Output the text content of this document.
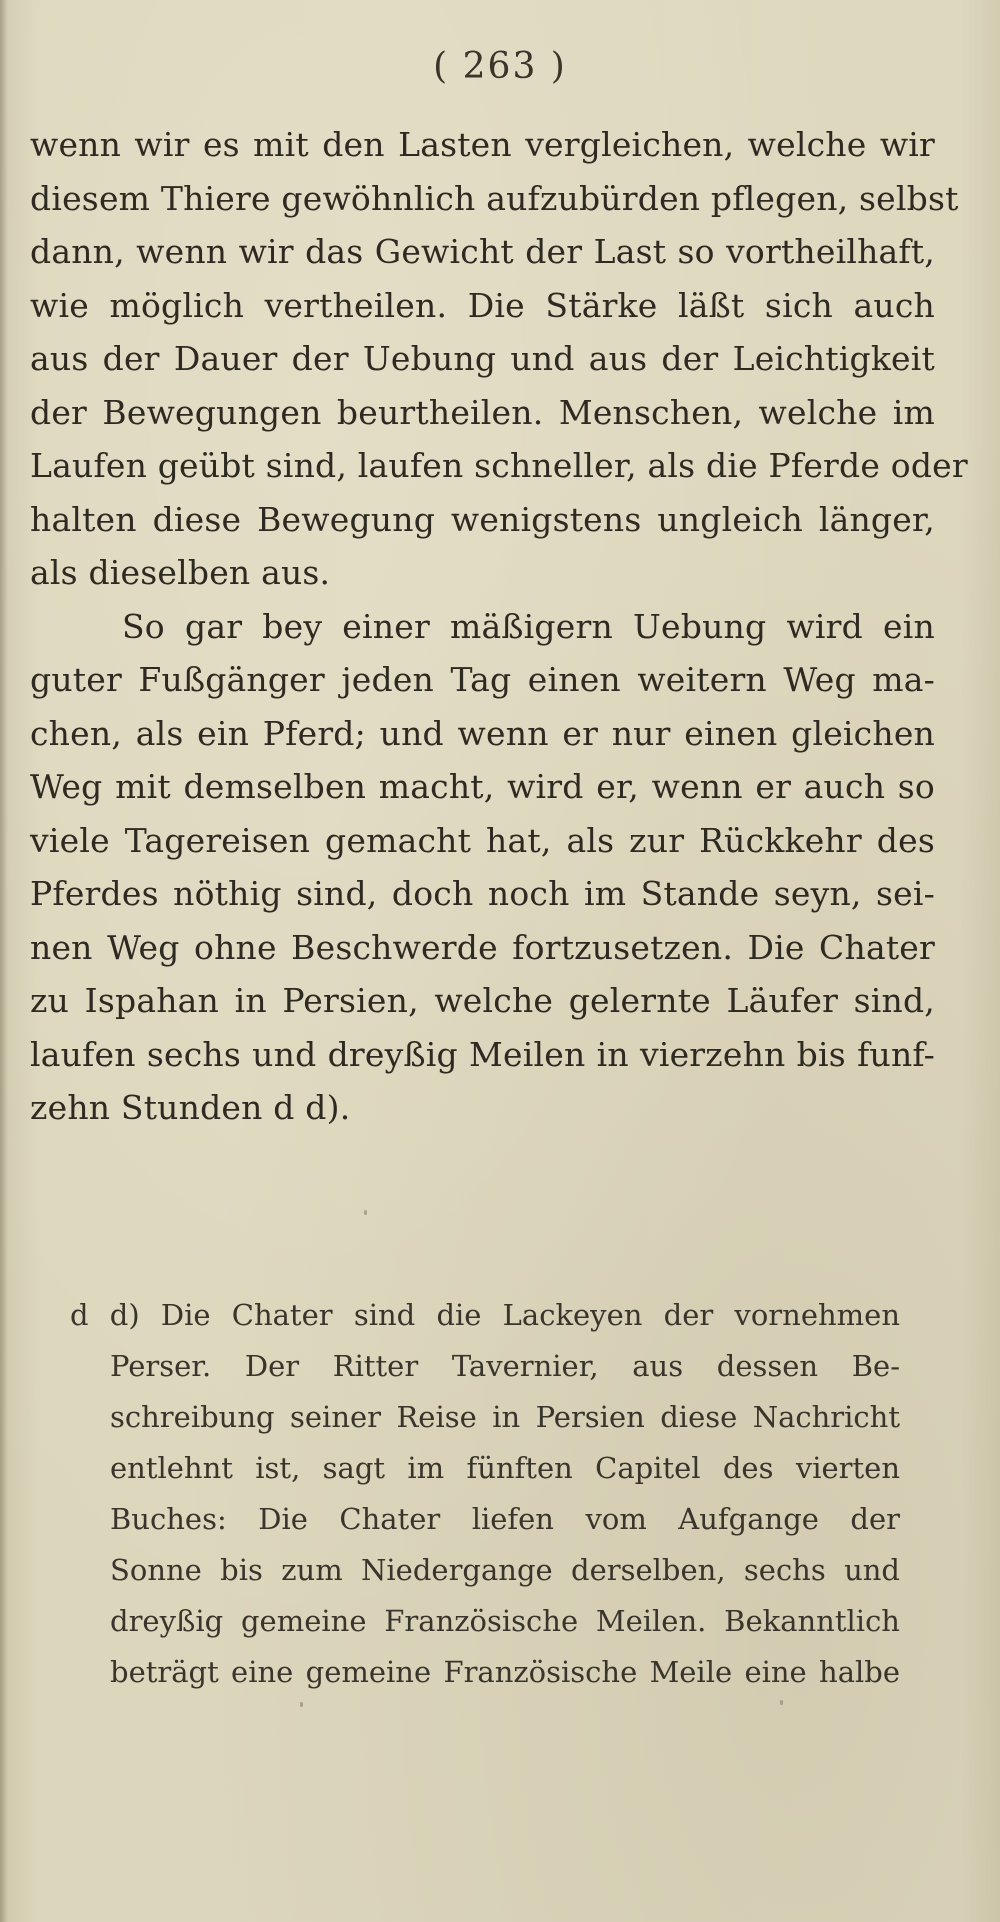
( 263 )
wenn wir es mit den Lasten vergleichen, welche wir
diesem Thiere gewöhnlich aufzubürden pflegen, selbst
dann, wenn wir das Gewicht der Last so vortheilhaft,
wie möglich vertheilen. Die Stärke läßt sich auch
aus der Dauer der Uebung und aus der Leichtigkeit
der Bewegungen beurtheilen. Menschen, welche im
Laufen geübt sind, laufen schneller, als die Pferde oder
halten diese Bewegung wenigstens ungleich länger,
als dieselben aus.
So gar bey einer mäßigern Uebung wird ein
guter Fußgänger jeden Tag einen weitern Weg ma-
chen, als ein Pferd; und wenn er nur einen gleichen
Weg mit demselben macht, wird er, wenn er auch so
viele Tagereisen gemacht hat, als zur Rückkehr des
Pferdes nöthig sind, doch noch im Stande seyn, sei-
nen Weg ohne Beschwerde fortzusetzen. Die Chater
zu Ispahan in Persien, welche gelernte Läufer sind,
laufen sechs und dreyßig Meilen in vierzehn bis funf-
zehn Stunden d d).
d d) Die Chater sind die Lackeyen der vornehmen
Perser. Der Ritter Tavernier, aus dessen Be-
schreibung seiner Reise in Persien diese Nachricht
entlehnt ist, sagt im fünften Capitel des vierten
Buches: Die Chater liefen vom Aufgange der
Sonne bis zum Niedergange derselben, sechs und
dreyßig gemeine Französische Meilen. Bekanntlich
beträgt eine gemeine Französische Meile eine halbe
